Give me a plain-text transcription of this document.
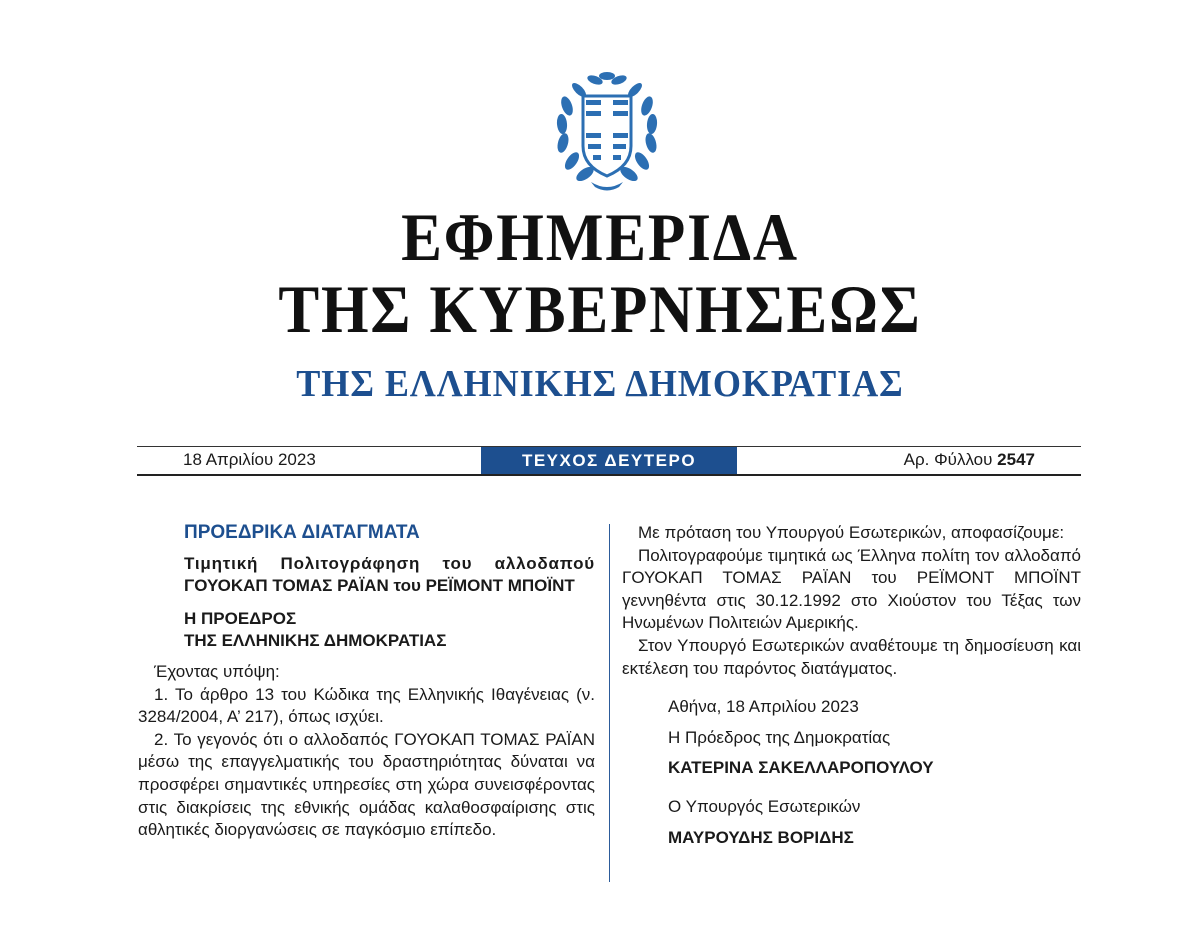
ΕΦΗΜΕΡΙΔΑ
ΤΗΣ ΚΥΒΕΡΝΗΣΕΩΣ
ΤΗΣ ΕΛΛΗΝΙΚΗΣ ΔΗΜΟΚΡΑΤΙΑΣ
18 Απριλίου 2023	ΤΕΥΧΟΣ ΔΕΥΤΕΡΟ	Αρ. Φύλλου 2547
ΠΡΟΕΔΡΙΚΑ ΔΙΑΤΑΓΜΑΤΑ
Τιμητική Πολιτογράφηση του αλλοδαπού
ΓΟΥΟΚΑΠ ΤΟΜΑΣ ΡΑΪΑΝ του ΡΕΪΜΟΝΤ ΜΠΟΪΝΤ
Η ΠΡΟΕΔΡΟΣ
ΤΗΣ ΕΛΛΗΝΙΚΗΣ ΔΗΜΟΚΡΑΤΙΑΣ
Έχοντας υπόψη:
1. Το άρθρο 13 του Κώδικα της Ελληνικής Ιθαγένειας (ν. 3284/2004, Α’ 217), όπως ισχύει.
2. Το γεγονός ότι ο αλλοδαπός ΓΟΥΟΚΑΠ ΤΟΜΑΣ ΡΑΪΑΝ μέσω της επαγγελματικής του δραστηριότητας δύναται να προσφέρει σημαντικές υπηρεσίες στη χώρα συνεισφέροντας στις διακρίσεις της εθνικής ομάδας καλαθοσφαίρισης στις αθλητικές διοργανώσεις σε παγκόσμιο επίπεδο.
Με πρόταση του Υπουργού Εσωτερικών, αποφασίζουμε:
Πολιτογραφούμε τιμητικά ως Έλληνα πολίτη τον αλλοδαπό ΓΟΥΟΚΑΠ ΤΟΜΑΣ ΡΑΪΑΝ του ΡΕΪΜΟΝΤ ΜΠΟΪΝΤ γεννηθέντα στις 30.12.1992 στο Χιούστον του Τέξας των Ηνωμένων Πολιτειών Αμερικής.
Στον Υπουργό Εσωτερικών αναθέτουμε τη δημοσίευση και εκτέλεση του παρόντος διατάγματος.
Αθήνα, 18 Απριλίου 2023
Η Πρόεδρος της Δημοκρατίας
ΚΑΤΕΡΙΝΑ ΣΑΚΕΛΛΑΡΟΠΟΥΛΟΥ
Ο Υπουργός Εσωτερικών
ΜΑΥΡΟΥΔΗΣ ΒΟΡΙΔΗΣ
